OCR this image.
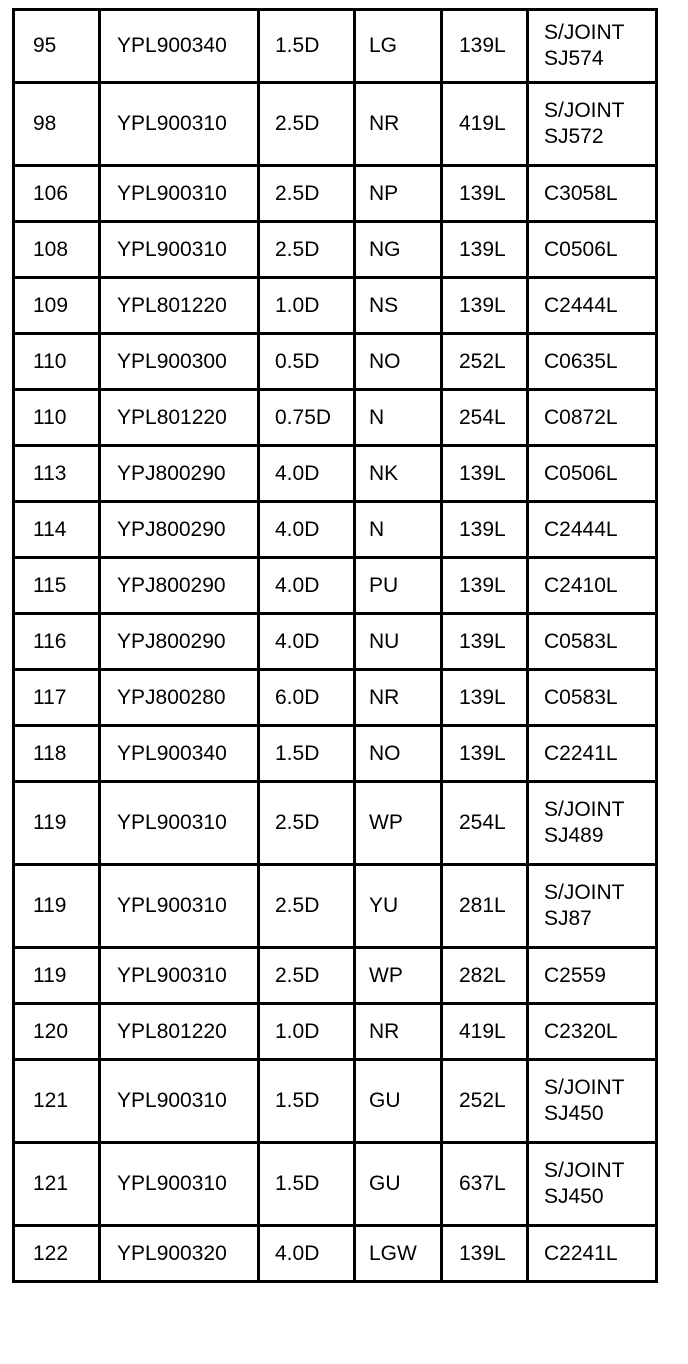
95	YPL900340	1.5D	LG	139L	S/JOINT
SJ574

98	YPL900310	2.5D	NR	419L	S/JOINT
SJ572

106	YPL900310	2.5D	NP	139L	C3058L

108	YPL900310	2.5D	NG	139L	C0506L

109	YPL801220	1.0D	NS	139L	C2444L

110	YPL900300	0.5D	NO	252L	C0635L

110	YPL801220	0.75D	N	254L	C0872L

113	YPJ800290	4.0D	NK	139L	C0506L

114	YPJ800290	4.0D	N	139L	C2444L

115	YPJ800290	4.0D	PU	139L	C2410L

116	YPJ800290	4.0D	NU	139L	C0583L

117	YPJ800280	6.0D	NR	139L	C0583L

118	YPL900340	1.5D	NO	139L	C2241L

119	YPL900310	2.5D	WP	254L	S/JOINT
SJ489

119	YPL900310	2.5D	YU	281L	S/JOINT
SJ87

119	YPL900310	2.5D	WP	282L	C2559

120	YPL801220	1.0D	NR	419L	C2320L

121	YPL900310	1.5D	GU	252L	S/JOINT
SJ450

121	YPL900310	1.5D	GU	637L	S/JOINT
SJ450

122	YPL900320	4.0D	LGW	139L	C2241L
